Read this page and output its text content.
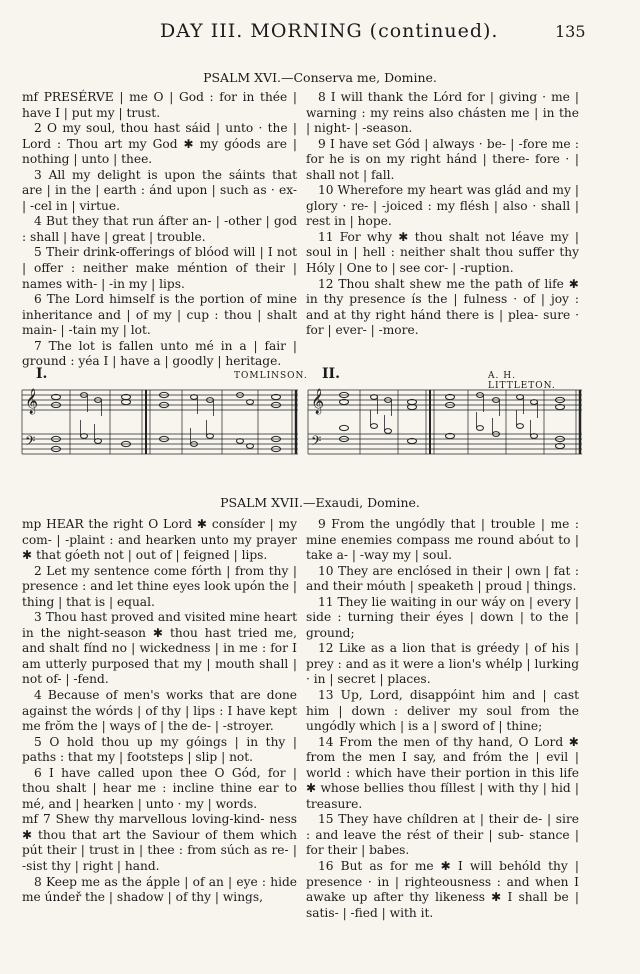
DAY III. MORNING (continued).	135
PSALM XVI.—Conserva me, Domine.

mf PRESÉRVE | me O | God : for in thée | have I | put my | trust.

2 O my soul, thou hast sáid | unto · the | Lord : Thou art my God ✱ my góods are | nothing | unto | thee.

3 All my delight is upon the sáints that are | in the | earth : ánd upon | such as · ex- | -cel in | virtue.

4 But they that run áfter an- | -other | god : shall | have | great | trouble.

5 Their drink-offerings of blóod will | I not | offer : neither make méntion of their | names with- | -in my | lips.

6 The Lord himself is the portion of mine inheritance and | of my | cup : thou | shalt main- | -tain my | lot.

7 The lot is fallen unto mé in a | fair | ground : yéa I | have a | goodly | heritage.

8 I will thank the Lórd for | giving · me | warning : my reins also chásten me | in the | night- | -season.

9 I have set Gód | always · be- | -fore me : for he is on my right hánd | there- fore · | shall not | fall.

10 Wherefore my heart was glád and my | glory · re- | -joiced : my flésh | also · shall | rest in | hope.

11 For why ✱ thou shalt not léave my | soul in | hell : neither shalt thou suffer thy Hóly | One to | see cor- | -ruption.

12 Thou shalt shew me the path of life ✱ in thy presence ís the | fulness · of | joy : and at thy right hánd there is | plea- sure · for | ever- | -more.

I.	TOMLINSON.
𝄞
𝄢
II.	A. H. LITTLETON.
𝄞
𝄢
PSALM XVII.—Exaudi, Domine.

mp HEAR the right O Lord ✱ consíder | my com- | -plaint : and hearken unto my prayer ✱ that góeth not | out of | feigned | lips.

2 Let my sentence come fórth | from thy | presence : and let thine eyes look upón the | thing | that is | equal.

3 Thou hast proved and visited mine heart in the night-season ✱ thou hast tried me, and shalt fínd no | wickedness | in me : for I am utterly purposed that my | mouth shall | not of- | -fend.

4 Because of men's works that are done against the wórds | of thy | lips : I have kept me frŏm the | ways of | the de- | -stroyer.

5 O hold thou up my góings | in thy | paths : that my | footsteps | slip | not.

6 I have called upon thee O Gód, for | thou shalt | hear me : incline thine ear to mé, and | hearken | unto · my | words.

mf 7 Shew thy marvellous loving-kind- ness ✱ thou that art the Saviour of them which pút their | trust in | thee : from súch as re- | -sist thy | right | hand.

8 Keep me as the ápple | of an | eye : hide me úndeř the | shadow | of thy | wings,

9 From the ungódly that | trouble | me : mine enemies compass me round abóut to | take a- | -way my | soul.

10 They are enclósed in their | own | fat : and their móuth | speaketh | proud | things.

11 They lie waiting in our wáy on | every | side : turning their éyes | down | to the | ground;

12 Like as a lion that is gréedy | of his | prey : and as it were a lion's whélp | lurking · in | secret | places.

13 Up, Lord, disappóint him and | cast him | down : deliver my soul from the ungódly which | is a | sword of | thine;

14 From the men of thy hand, O Lord ✱ from the men I say, and fróm the | evil | world : which have their portion in this life ✱ whose bellies thou fíllest | with thy | hid | treasure.

15 They have chíldren at | their de- | sire : and leave the rést of their | sub- stance | for their | babes.

16 But as for me ✱ I will behóld thy | presence · in | righteousness : and when I awake up after thy likeness ✱ I shall be | satis- | -fied | with it.
